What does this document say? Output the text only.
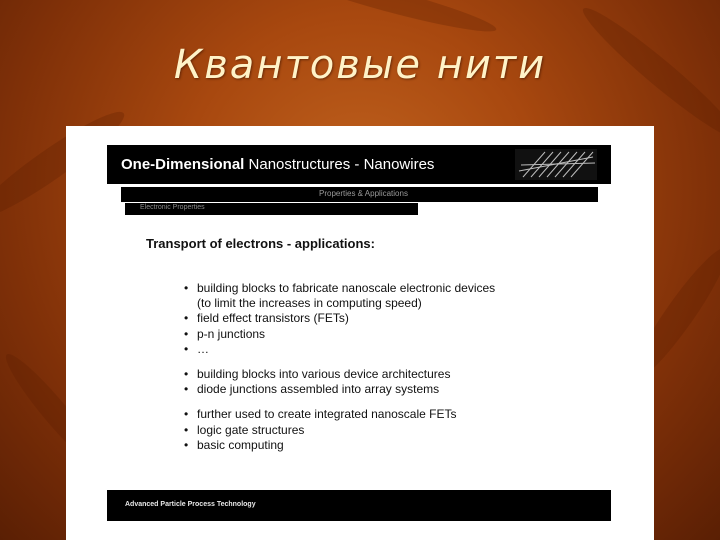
Квантовые нити
One-Dimensional Nanostructures - Nanowires
Properties & Applications
Electronic Properties
Transport of electrons - applications:
• building blocks to fabricate nanoscale electronic devices
(to limit the increases in computing speed)
• field effect transistors (FETs)
• p-n junctions
• …
• building blocks into various device architectures
• diode junctions assembled into array systems
• further used to create integrated nanoscale FETs
• logic gate structures
• basic computing
Advanced Particle Process Technology
